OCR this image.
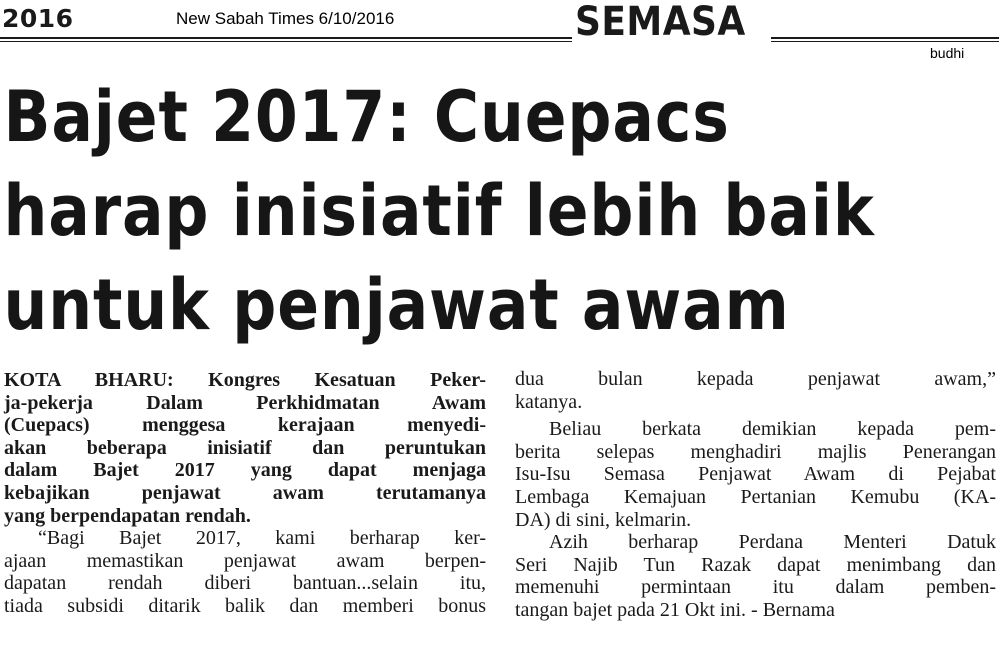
2016	New Sabah Times 6/10/2016	SEMASA
budhi
Bajet 2017: Cuepacs
harap inisiatif lebih baik
untuk penjawat awam
KOTA BHARU: Kongres Kesatuan Peker-
ja-pekerja Dalam Perkhidmatan Awam
(Cuepacs) menggesa kerajaan menyedi-
akan beberapa inisiatif dan peruntukan
dalam Bajet 2017 yang dapat menjaga
kebajikan penjawat awam terutamanya
yang berpendapatan rendah.
“Bagi Bajet 2017, kami berharap ker-
ajaan memastikan penjawat awam berpen-
dapatan rendah diberi bantuan...selain itu,
tiada subsidi ditarik balik dan memberi bonus
dua bulan kepada penjawat awam,”
katanya.
Beliau berkata demikian kepada pem-
berita selepas menghadiri majlis Penerangan
Isu-Isu Semasa Penjawat Awam di Pejabat
Lembaga Kemajuan Pertanian Kemubu (KA-
DA) di sini, kelmarin.
Azih berharap Perdana Menteri Datuk
Seri Najib Tun Razak dapat menimbang dan
memenuhi permintaan itu dalam pemben-
tangan bajet pada 21 Okt ini. - Bernama
